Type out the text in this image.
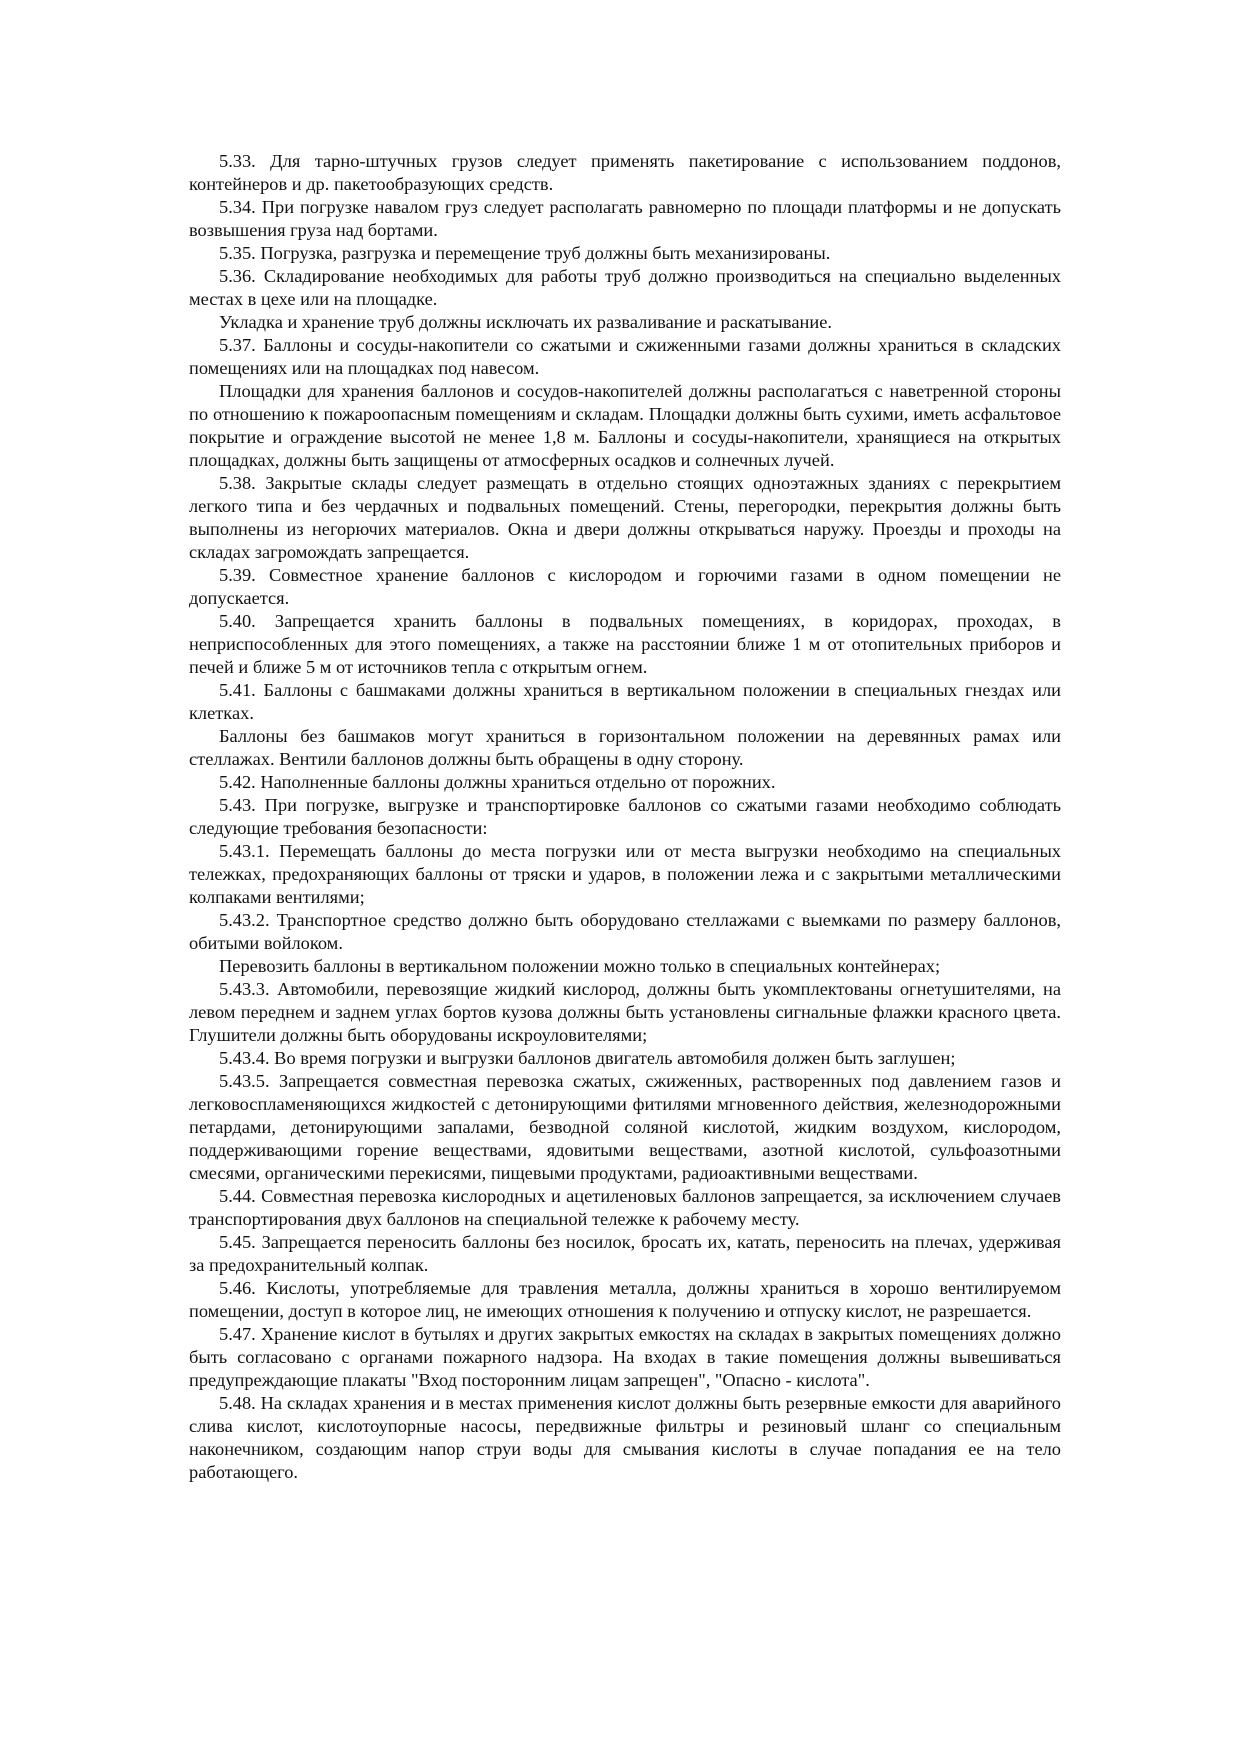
5.33. Для тарно-штучных грузов следует применять пакетирование с использованием поддонов, контейнеров и др. пакетообразующих средств.

5.34. При погрузке навалом груз следует располагать равномерно по площади платформы и не допускать возвышения груза над бортами.

5.35. Погрузка, разгрузка и перемещение труб должны быть механизированы.

5.36. Складирование необходимых для работы труб должно производиться на специально выделенных местах в цехе или на площадке.

Укладка и хранение труб должны исключать их разваливание и раскатывание.

5.37. Баллоны и сосуды-накопители со сжатыми и сжиженными газами должны храниться в складских помещениях или на площадках под навесом.

Площадки для хранения баллонов и сосудов-накопителей должны располагаться с наветренной стороны по отношению к пожароопасным помещениям и складам. Площадки должны быть сухими, иметь асфальтовое покрытие и ограждение высотой не менее 1,8 м. Баллоны и сосуды-накопители, хранящиеся на открытых площадках, должны быть защищены от атмосферных осадков и солнечных лучей.

5.38. Закрытые склады следует размещать в отдельно стоящих одноэтажных зданиях с перекрытием легкого типа и без чердачных и подвальных помещений. Стены, перегородки, перекрытия должны быть выполнены из негорючих материалов. Окна и двери должны открываться наружу. Проезды и проходы на складах загромождать запрещается.

5.39. Совместное хранение баллонов с кислородом и горючими газами в одном помещении не допускается.

5.40. Запрещается хранить баллоны в подвальных помещениях, в коридорах, проходах, в неприспособленных для этого помещениях, а также на расстоянии ближе 1 м от отопительных приборов и печей и ближе 5 м от источников тепла с открытым огнем.

5.41. Баллоны с башмаками должны храниться в вертикальном положении в специальных гнездах или клетках.

Баллоны без башмаков могут храниться в горизонтальном положении на деревянных рамах или стеллажах. Вентили баллонов должны быть обращены в одну сторону.

5.42. Наполненные баллоны должны храниться отдельно от порожних.

5.43. При погрузке, выгрузке и транспортировке баллонов со сжатыми газами необходимо соблюдать следующие требования безопасности:

5.43.1. Перемещать баллоны до места погрузки или от места выгрузки необходимо на специальных тележках, предохраняющих баллоны от тряски и ударов, в положении лежа и с закрытыми металлическими колпаками вентилями;

5.43.2. Транспортное средство должно быть оборудовано стеллажами с выемками по размеру баллонов, обитыми войлоком.

Перевозить баллоны в вертикальном положении можно только в специальных контейнерах;

5.43.3. Автомобили, перевозящие жидкий кислород, должны быть укомплектованы огнетушителями, на левом переднем и заднем углах бортов кузова должны быть установлены сигнальные флажки красного цвета. Глушители должны быть оборудованы искроуловителями;

5.43.4. Во время погрузки и выгрузки баллонов двигатель автомобиля должен быть заглушен;

5.43.5. Запрещается совместная перевозка сжатых, сжиженных, растворенных под давлением газов и легковоспламеняющихся жидкостей с детонирующими фитилями мгновенного действия, железнодорожными петардами, детонирующими запалами, безводной соляной кислотой, жидким воздухом, кислородом, поддерживающими горение веществами, ядовитыми веществами, азотной кислотой, сульфоазотными смесями, органическими перекисями, пищевыми продуктами, радиоактивными веществами.

5.44. Совместная перевозка кислородных и ацетиленовых баллонов запрещается, за исключением случаев транспортирования двух баллонов на специальной тележке к рабочему месту.

5.45. Запрещается переносить баллоны без носилок, бросать их, катать, переносить на плечах, удерживая за предохранительный колпак.

5.46. Кислоты, употребляемые для травления металла, должны храниться в хорошо вентилируемом помещении, доступ в которое лиц, не имеющих отношения к получению и отпуску кислот, не разрешается.

5.47. Хранение кислот в бутылях и других закрытых емкостях на складах в закрытых помещениях должно быть согласовано с органами пожарного надзора. На входах в такие помещения должны вывешиваться предупреждающие плакаты "Вход посторонним лицам запрещен", "Опасно - кислота".

5.48. На складах хранения и в местах применения кислот должны быть резервные емкости для аварийного слива кислот, кислотоупорные насосы, передвижные фильтры и резиновый шланг со специальным наконечником, создающим напор струи воды для смывания кислоты в случае попадания ее на тело работающего.
